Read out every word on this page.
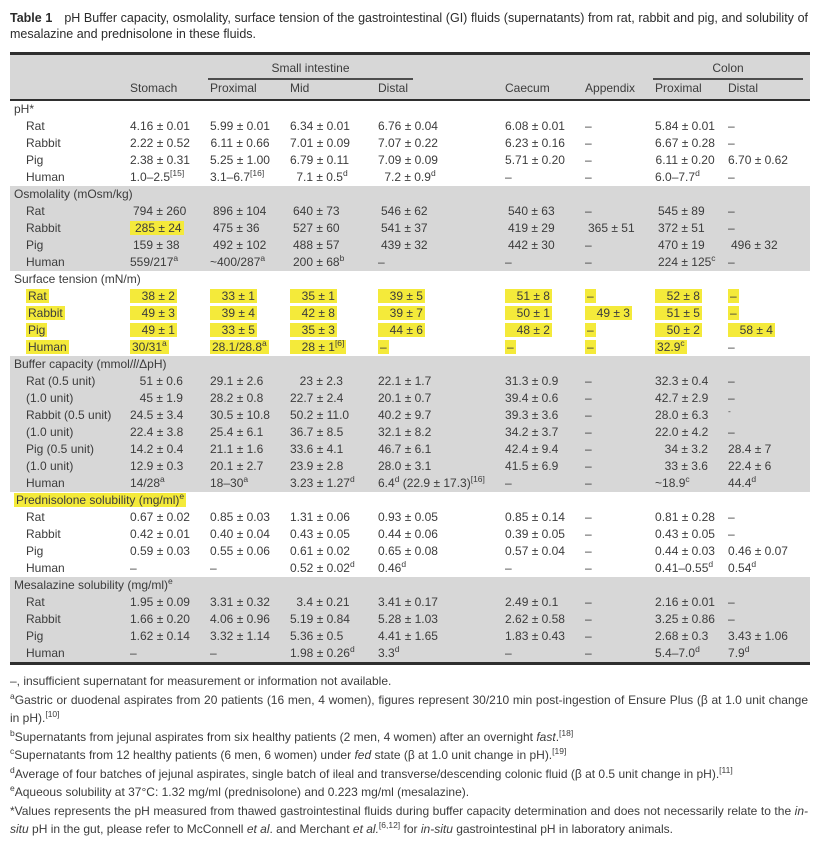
Table 1 pH Buffer capacity, osmolality, surface tension of the gastrointestinal (GI) fluids (supernatants) from rat, rabbit and pig, and solubility of mesalazine and prednisolone in these fluids.
		Small intestine					Colon	
	Stomach	Proximal	Mid	Distal	Caecum	Appendix	Proximal	Distal
pH*								
Rat	4.16 ± 0.01	5.99 ± 0.01	6.34 ± 0.01	6.76 ± 0.04	6.08 ± 0.01	–	5.84 ± 0.01	–
Rabbit	2.22 ± 0.52	6.11 ± 0.66	7.01 ± 0.09	7.07 ± 0.22	6.23 ± 0.16	–	6.67 ± 0.28	–
Pig	2.38 ± 0.31	5.25 ± 1.00	6.79 ± 0.11	7.09 ± 0.09	5.71 ± 0.20	–	6.11 ± 0.20	6.70 ± 0.62
Human	1.0–2.5[15]	3.1–6.7[16]	7.1 ± 0.5$^d$	7.2 ± 0.9$^d$	–	–	6.0–7.7$^d$	–
Osmolality (mOsm/kg)								
Rat	794 ± 260	896 ± 104	640 ± 73	546 ± 62	540 ± 63	–	545 ± 89	–
Rabbit	285 ± 24	475 ± 36	527 ± 60	541 ± 37	419 ± 29	365 ± 51	372 ± 51	–
Pig	159 ± 38	492 ± 102	488 ± 57	439 ± 32	442 ± 30	–	470 ± 19	496 ± 32
Human	559/217$^a$	~400/287$^a$	$200 \pm 68^b$	–	–	–	$224 \pm 125^c$	–
Surface tension (mN/m)								
Rat	38 ± 2	33 ± 1	35 ± 1	39 ± 5	51 ± 8	–	52 ± 8	–
Rabbit	49 ± 3	39 ± 4	42 ± 8	39 ± 7	50 ± 1	49 ± 3	51 ± 5	–
Pig	49 ± 1	33 ± 5	35 ± 3	44 ± 6	48 ± 2	–	50 ± 2	58 ± 4
Human	30/31$^a$	28.1/28.8$^a$	28 ± 1[6]	–	–	–	32.9$^c$	–
Buffer capacity (mmol/l/ΔpH)								
Rat (0.5 unit)	51 ± 0.6	29.1 ± 2.6	23 ± 2.3	22.1 ± 1.7	31.3 ± 0.9	–	32.3 ± 0.4	–
(1.0 unit)	45 ± 1.9	28.2 ± 0.8	22.7 ± 2.4	20.1 ± 0.7	39.4 ± 0.6	–	42.7 ± 2.9	–
Rabbit (0.5 unit)	24.5 ± 3.4	30.5 ± 10.8	50.2 ± 11.0	40.2 ± 9.7	39.3 ± 3.6	–	28.0 ± 6.3	-
(1.0 unit)	22.4 ± 3.8	25.4 ± 6.1	36.7 ± 8.5	32.1 ± 8.2	34.2 ± 3.7	–	22.0 ± 4.2	–
Pig (0.5 unit)	14.2 ± 0.4	21.1 ± 1.6	33.6 ± 4.1	46.7 ± 6.1	42.4 ± 9.4	–	34 ± 3.2	28.4 ± 7
(1.0 unit)	12.9 ± 0.3	20.1 ± 2.7	23.9 ± 2.8	28.0 ± 3.1	41.5 ± 6.9	–	33 ± 3.6	22.4 ± 6
Human	14/28$^a$	18–30$^a$	3.23 ± 1.27$^d$	6.4$^d$ (22.9 ± 17.3)[16]	–	–	~18.9$^c$	44.4$^d$
Prednisolone solubility $(mg/ml)^e$
Rat	0.67 ± 0.02	0.85 ± 0.03	1.31 ± 0.06	0.93 ± 0.05	0.85 ± 0.14	–	0.81 ± 0.28	–
Rabbit	0.42 ± 0.01	0.40 ± 0.04	0.43 ± 0.05	0.44 ± 0.06	0.39 ± 0.05	–	0.43 ± 0.05	–
Pig	0.59 ± 0.03	0.55 ± 0.06	0.61 ± 0.02	0.65 ± 0.08	0.57 ± 0.04	–	0.44 ± 0.03	0.46 ± 0.07
Human	–	–	0.52 ± 0.02$^d$	0.46$^d$	–	–	0.41–0.55$^d$	0.54$^d$
Mesalazine solubility $(mg/ml)^e$
Rat	1.95 ± 0.09	3.31 ± 0.32	3.4 ± 0.21	3.41 ± 0.17	2.49 ± 0.1	–	2.16 ± 0.01	–
Rabbit	1.66 ± 0.20	4.06 ± 0.96	5.19 ± 0.84	5.28 ± 1.03	2.62 ± 0.58	–	3.25 ± 0.86	–
Pig	1.62 ± 0.14	3.32 ± 1.14	5.36 ± 0.5	4.41 ± 1.65	1.83 ± 0.43	–	2.68 ± 0.3	3.43 ± 1.06
Human	–	–	1.98 ± 0.26$^d$	3.3$^d$	–	–	5.4–7.0$^d$	7.9$^d$
–, insufficient supernatant for measurement or information not available.
$^a$Gastric or duodenal aspirates from 20 patients (16 men, 4 women), figures represent 30/210 min post-ingestion of Ensure Plus (β at 1.0 unit change in pH).[10]
$^b$Supernatants from jejunal aspirates from six healthy patients (2 men, 4 women) after an overnight fast.[18]
$^c$Supernatants from 12 healthy patients (6 men, 6 women) under fed state (β at 1.0 unit change in pH).[19]
$^d$Average of four batches of jejunal aspirates, single batch of ileal and transverse/descending colonic fluid (β at 0.5 unit change in pH).[11]
$^e$Aqueous solubility at 37°C: 1.32 mg/ml (prednisolone) and 0.223 mg/ml (mesalazine).
*Values represents the pH measured from thawed gastrointestinal fluids during buffer capacity determination and does not necessarily relate to the in-situ pH in the gut, please refer to McConnell et al. and Merchant et al.[6,12] for in-situ gastrointestinal pH in laboratory animals.
